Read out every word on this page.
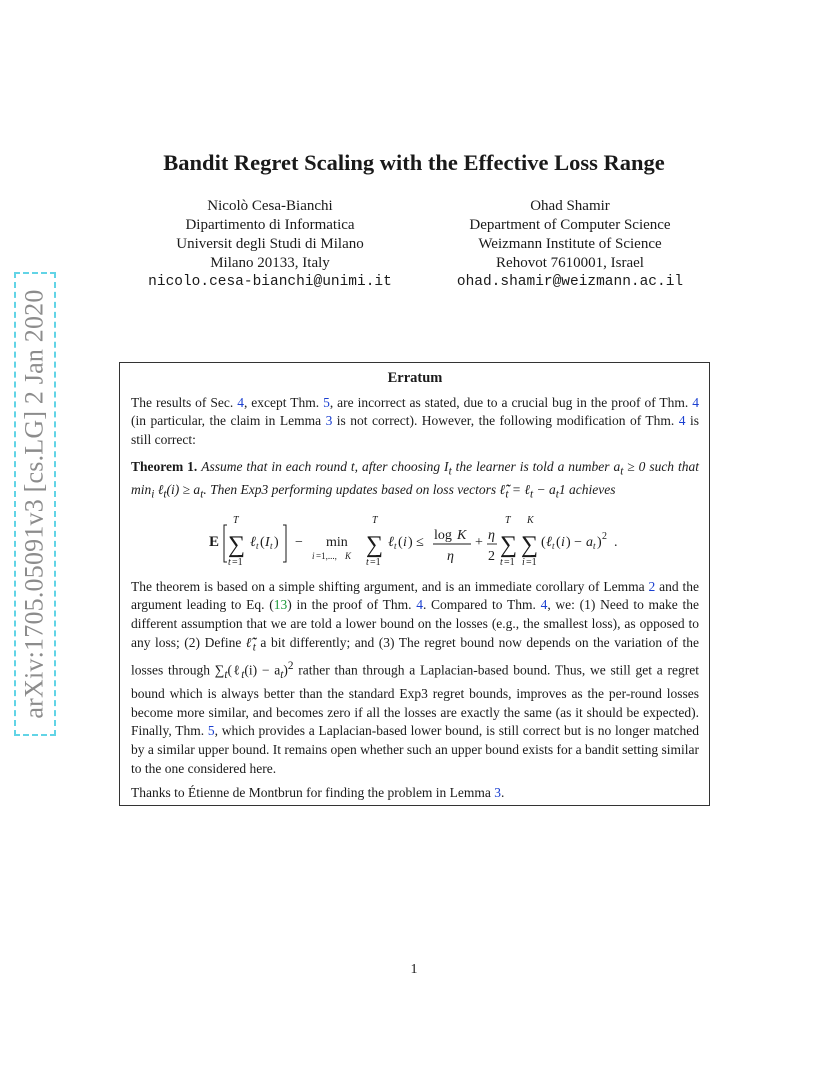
arXiv:1705.05091v3 [cs.LG] 2 Jan 2020
Bandit Regret Scaling with the Effective Loss Range
Nicolò Cesa-Bianchi
Dipartimento di Informatica
Universit degli Studi di Milano
Milano 20133, Italy
nicolo.cesa-bianchi@unimi.it
Ohad Shamir
Department of Computer Science
Weizmann Institute of Science
Rehovot 7610001, Israel
ohad.shamir@weizmann.ac.il
Erratum

The results of Sec. 4, except Thm. 5, are incorrect as stated, due to a crucial bug in the proof of Thm. 4 (in particular, the claim in Lemma 3 is not correct). However, the following modification of Thm. 4 is still correct:

Theorem 1. Assume that in each round t, after choosing $I_t$ the learner is told a number $a_t \ge 0$ such that $\min_i$ ℓ$_t$(i) ≥ $a_t$. Then Exp3 performing updates based on loss vectors $\ell̃_t$ = ℓ$_t$ − $a_t1$ achieves

E
T
∑
t =1
ℓ t ( I t ) − min
i =1,..., K
T
∑
t =1
ℓ t ( i ) ≤ log K
η
+ η
2
T
∑
t =1
K
∑
i =1
( ℓ t ( i ) − a t ) 2 .

The theorem is based on a simple shifting argument, and is an immediate corollary of Lemma 2 and the argument leading to Eq. (13) in the proof of Thm. 4. Compared to Thm. 4, we: (1) Need to make the different assumption that we are told a lower bound on the losses (e.g., the smallest loss), as opposed to any loss; (2) Define $\ell̃_t$ a bit differently; and (3) The regret bound now depends on the variation of the losses through $\sum_t(\ell_t(i) - a_t)^2$ rather than through a Laplacian-based bound. Thus, we still get a regret bound which is always better than the standard Exp3 regret bounds, improves as the per-round losses become more similar, and becomes zero if all the losses are exactly the same (as it should be expected). Finally, Thm. 5, which provides a Laplacian-based lower bound, is still correct but is no longer matched by a similar upper bound. It remains open whether such an upper bound exists for a bandit setting similar to the one considered here.

Thanks to Étienne de Montbrun for finding the problem in Lemma 3.

1
